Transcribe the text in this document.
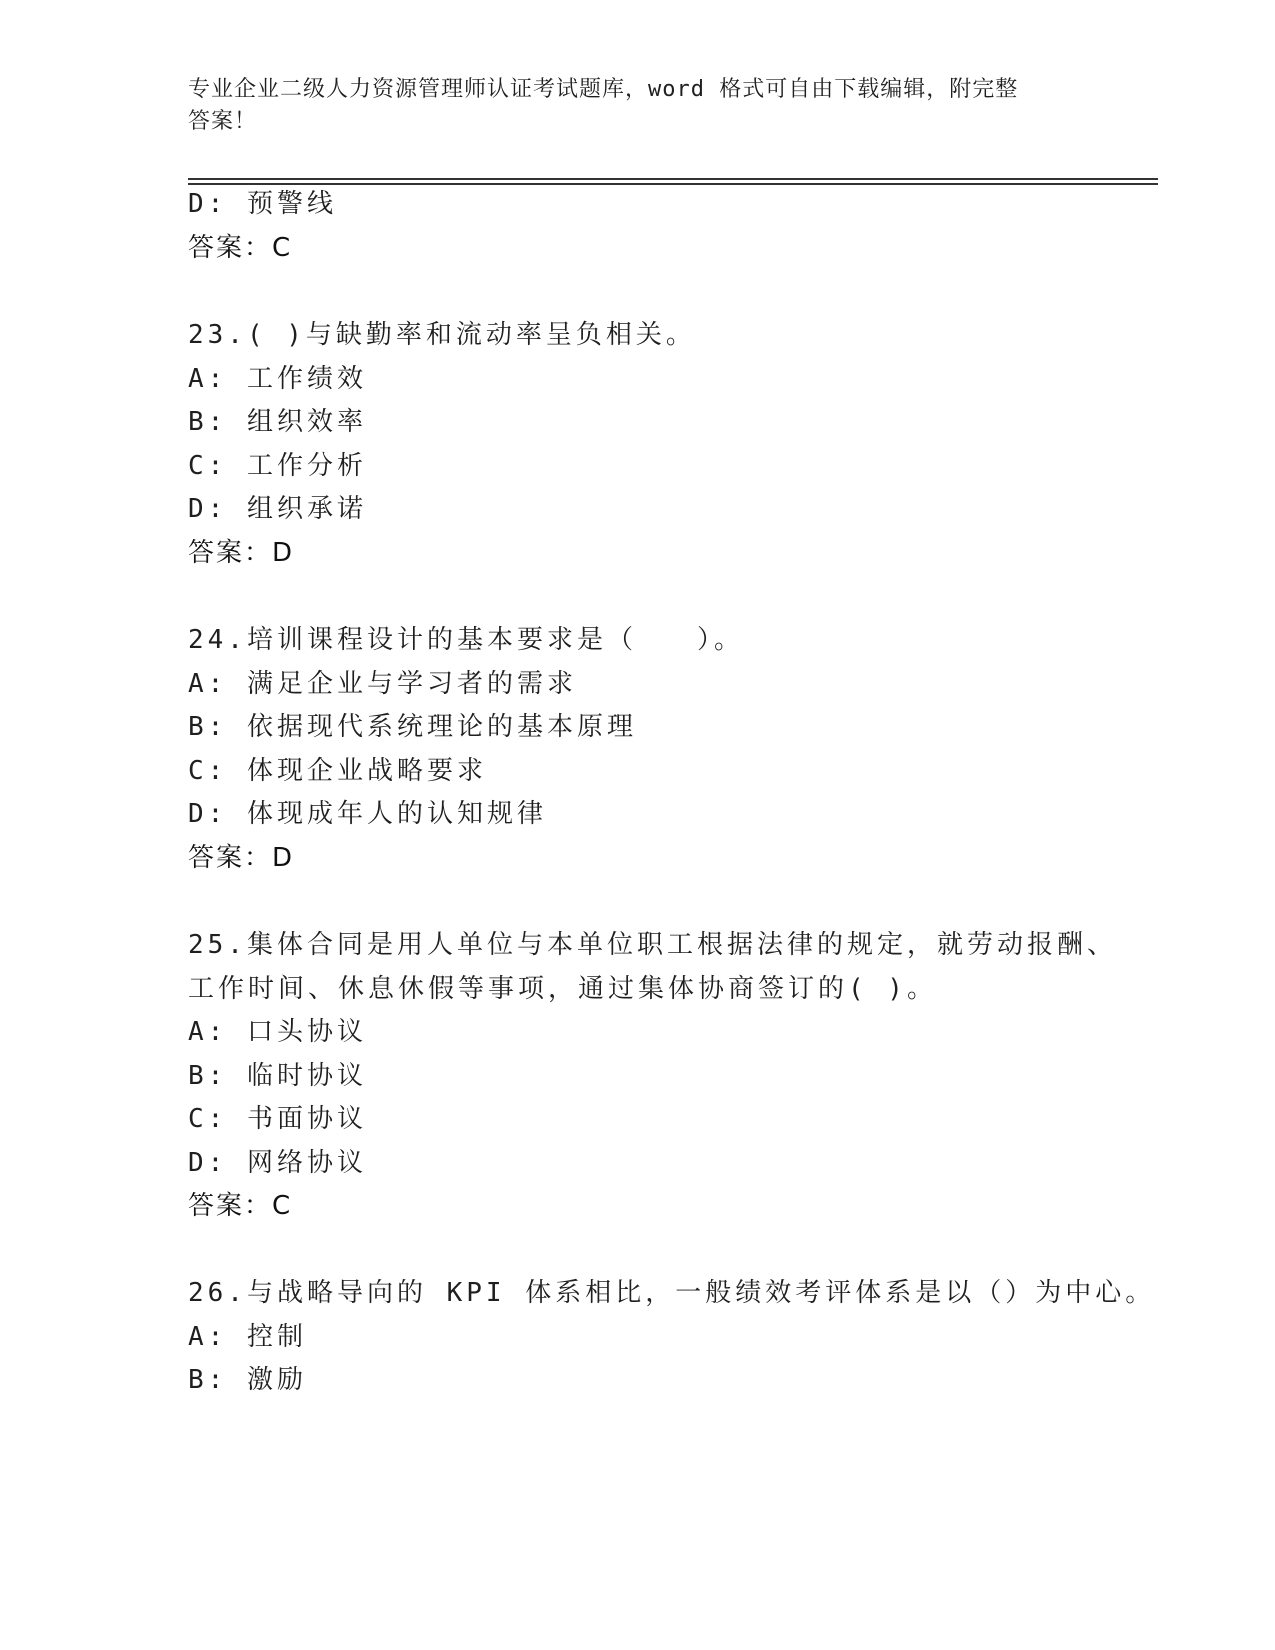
专业企业二级人力资源管理师认证考试题库，word 格式可自由下载编辑，附完整
答案！
D: 预警线
答案：C
23.( )与缺勤率和流动率呈负相关。
A: 工作绩效
B: 组织效率
C: 工作分析
D: 组织承诺
答案：D
24.培训课程设计的基本要求是（　　）。
A: 满足企业与学习者的需求
B: 依据现代系统理论的基本原理
C: 体现企业战略要求
D: 体现成年人的认知规律
答案：D
25.集体合同是用人单位与本单位职工根据法律的规定，就劳动报酬、
工作时间、休息休假等事项，通过集体协商签订的( )。
A: 口头协议
B: 临时协议
C: 书面协议
D: 网络协议
答案：C
26.与战略导向的 KPI 体系相比，一般绩效考评体系是以（）为中心。
A: 控制
B: 激励
